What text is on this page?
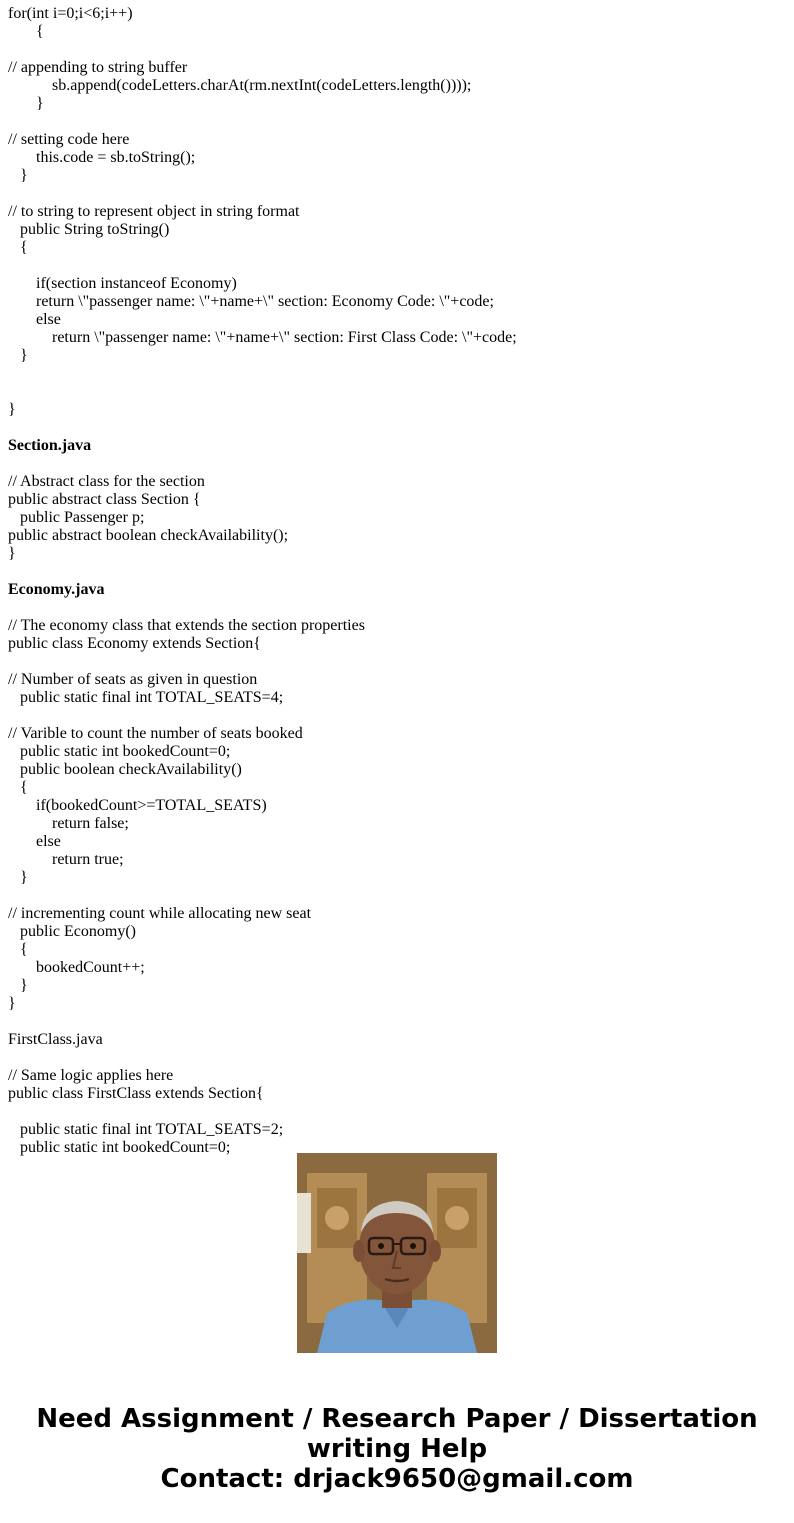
for(int i=0;i<6;i++)
{
// appending to string buffer
sb.append(codeLetters.charAt(rm.nextInt(codeLetters.length())));
}
// setting code here
this.code = sb.toString();
}
// to string to represent object in string format
public String toString()
{
if(section instanceof Economy)
return \"passenger name: \"+name+\" section: Economy Code: \"+code;
else
return \"passenger name: \"+name+\" section: First Class Code: \"+code;
}
}
Section.java
// Abstract class for the section
public abstract class Section {
public Passenger p;
public abstract boolean checkAvailability();
}
Economy.java
// The economy class that extends the section properties
public class Economy extends Section{
// Number of seats as given in question
public static final int TOTAL_SEATS=4;
// Varible to count the number of seats booked
public static int bookedCount=0;
public boolean checkAvailability()
{
if(bookedCount>=TOTAL_SEATS)
return false;
else
return true;
}
// incrementing count while allocating new seat
public Economy()
{
bookedCount++;
}
}
FirstClass.java
// Same logic applies here
public class FirstClass extends Section{
public static final int TOTAL_SEATS=2;
public static int bookedCount=0;
Need Assignment / Research Paper / Dissertation
writing Help
Contact: drjack9650@gmail.com
